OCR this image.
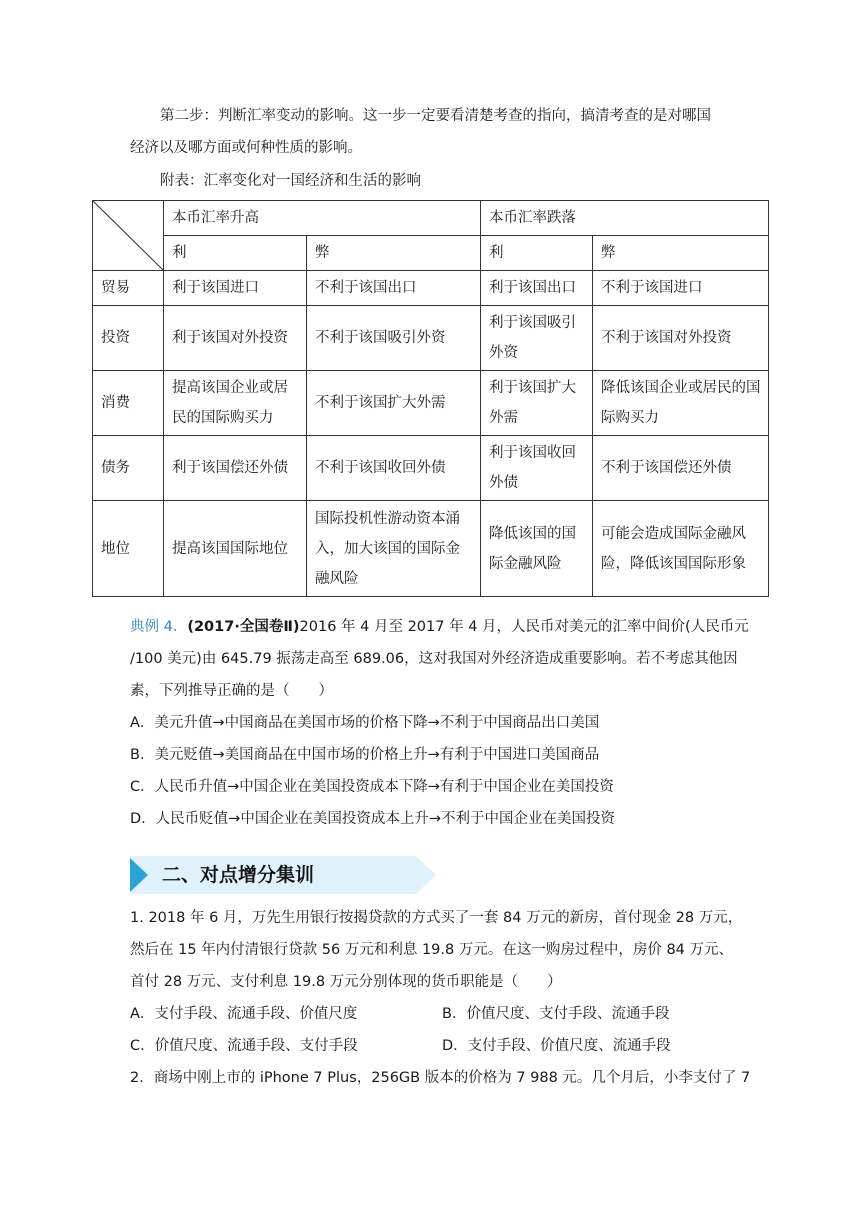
第二步：判断汇率变动的影响。这一步一定要看清楚考查的指向，搞清考查的是对哪国
经济以及哪方面或何种性质的影响。
附表：汇率变化对一国经济和生活的影响
	本币汇率升高		本币汇率跌落	
	利	弊	利	弊
贸易	利于该国进口	不利于该国出口	利于该国出口	不利于该国进口
投资	利于该国对外投资	不利于该国吸引外资	利于该国吸引外资	不利于该国对外投资
消费	提高该国企业或居民的国际购买力	不利于该国扩大外需	利于该国扩大外需	降低该国企业或居民的国际购买力
债务	利于该国偿还外债	不利于该国收回外债	利于该国收回外债	不利于该国偿还外债
地位	提高该国国际地位	国际投机性游动资本涌入，加大该国的国际金融风险	降低该国的国际金融风险	可能会造成国际金融风险，降低该国国际形象
典例 4．(2017·全国卷Ⅱ)2016 年 4 月至 2017 年 4 月，人民币对美元的汇率中间价(人民币元
/100 美元)由 645.79 振荡走高至 689.06，这对我国对外经济造成重要影响。若不考虑其他因
素，下列推导正确的是（　　）
A．美元升值→中国商品在美国市场的价格下降→不利于中国商品出口美国
B．美元贬值→美国商品在中国市场的价格上升→有利于中国进口美国商品
C．人民币升值→中国企业在美国投资成本下降→有利于中国企业在美国投资
D．人民币贬值→中国企业在美国投资成本上升→不利于中国企业在美国投资
二、对点增分集训
1. 2018 年 6 月，万先生用银行按揭贷款的方式买了一套 84 万元的新房，首付现金 28 万元，
然后在 15 年内付清银行贷款 56 万元和利息 19.8 万元。在这一购房过程中，房价 84 万元、
首付 28 万元、支付利息 19.8 万元分别体现的货币职能是（　　）
A．支付手段、流通手段、价值尺度	B．价值尺度、支付手段、流通手段
C．价值尺度、流通手段、支付手段	D．支付手段、价值尺度、流通手段
2．商场中刚上市的 iPhone 7 Plus，256GB 版本的价格为 7 988 元。几个月后，小李支付了 7
